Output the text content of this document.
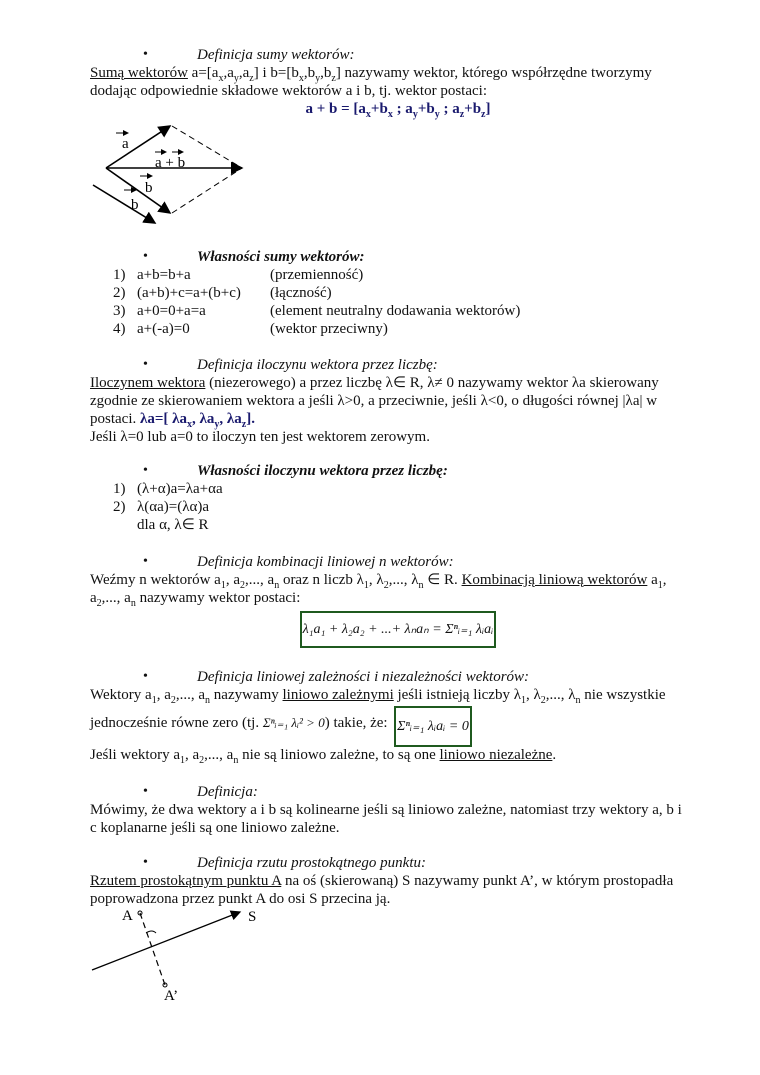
•	Definicja sumy wektorów:
Sumą wektorów $a=[a_x,a_y,a_z]$ i $b=[b_x,b_y,b_z]$ nazywamy wektor, którego współrzędne tworzymy
dodając odpowiednie składowe wektorów a i b, tj. wektor postaci:
$a + b = [a_x+b_x$ ; $a_y+b_y$ ; $a_z+b_z$]
a
a + b
b
b
•	Własności sumy wektorów:
1) a+b=b+a	(przemienność)
2) (a+b)+c=a+(b+c) (łączność)
3) a+0=0+a=a	(element neutralny dodawania wektorów)
4) a+(-a)=0	(wektor przeciwny)
•	Definicja iloczynu wektora przez liczbę:
Iloczynem wektora (niezerowego) a przez liczbę λ∈ R, λ≠ 0 nazywamy wektor λa skierowany
zgodnie ze skierowaniem wektora a jeśli λ>0, a przeciwnie, jeśli λ<0, o długości równej |λa| w
postaci. λa=[ $\lambda a_x$, $\lambda a_y$, $\lambda a_z$].
Jeśli λ=0 lub a=0 to iloczyn ten jest wektorem zerowym.
•	Własności iloczynu wektora przez liczbę:
1) (λ+α)a=λa+αa
2) λ(αa)=(λα)a
dla α, λ∈ R
•	Definicja kombinacji liniowej n wektorów:
Weźmy n wektorów $a_1$, $a_2$,..., $a_n$ oraz n liczb $\lambda_1$, $\lambda_2$,..., $\lambda_n$ ∈ R. Kombinacją liniową wektorów $a_1$,
$a_2$,..., $a_n$ nazywamy wektor postaci:
λ₁a₁ + λ₂a₂ + ...+ λₙaₙ = Σⁿᵢ₌₁ λᵢaᵢ
•	Definicja liniowej zależności i niezależności wektorów:
Wektory $a_1$, $a_2$,..., $a_n$ nazywamy liniowo zależnymi jeśli istnieją liczby $\lambda_1$, $\lambda_2$,..., $\lambda_n$ nie wszystkie
jednocześnie równe zero (tj. Σⁿᵢ₌₁ λᵢ² > 0) takie, że: Σⁿᵢ₌₁ λᵢaᵢ = 0
Jeśli wektory $a_1$, $a_2$,..., $a_n$ nie są liniowo zależne, to są one liniowo niezależne.
•	Definicja:
Mówimy, że dwa wektory a i b są kolinearne jeśli są liniowo zależne, natomiast trzy wektory a, b i
c koplanarne jeśli są one liniowo zależne.
•	Definicja rzutu prostokątnego punktu:
Rzutem prostokątnym punktu A na oś (skierowaną) S nazywamy punkt A’, w którym prostopadła
poprowadzona przez punkt A do osi S przecina ją.
A	S
A’
